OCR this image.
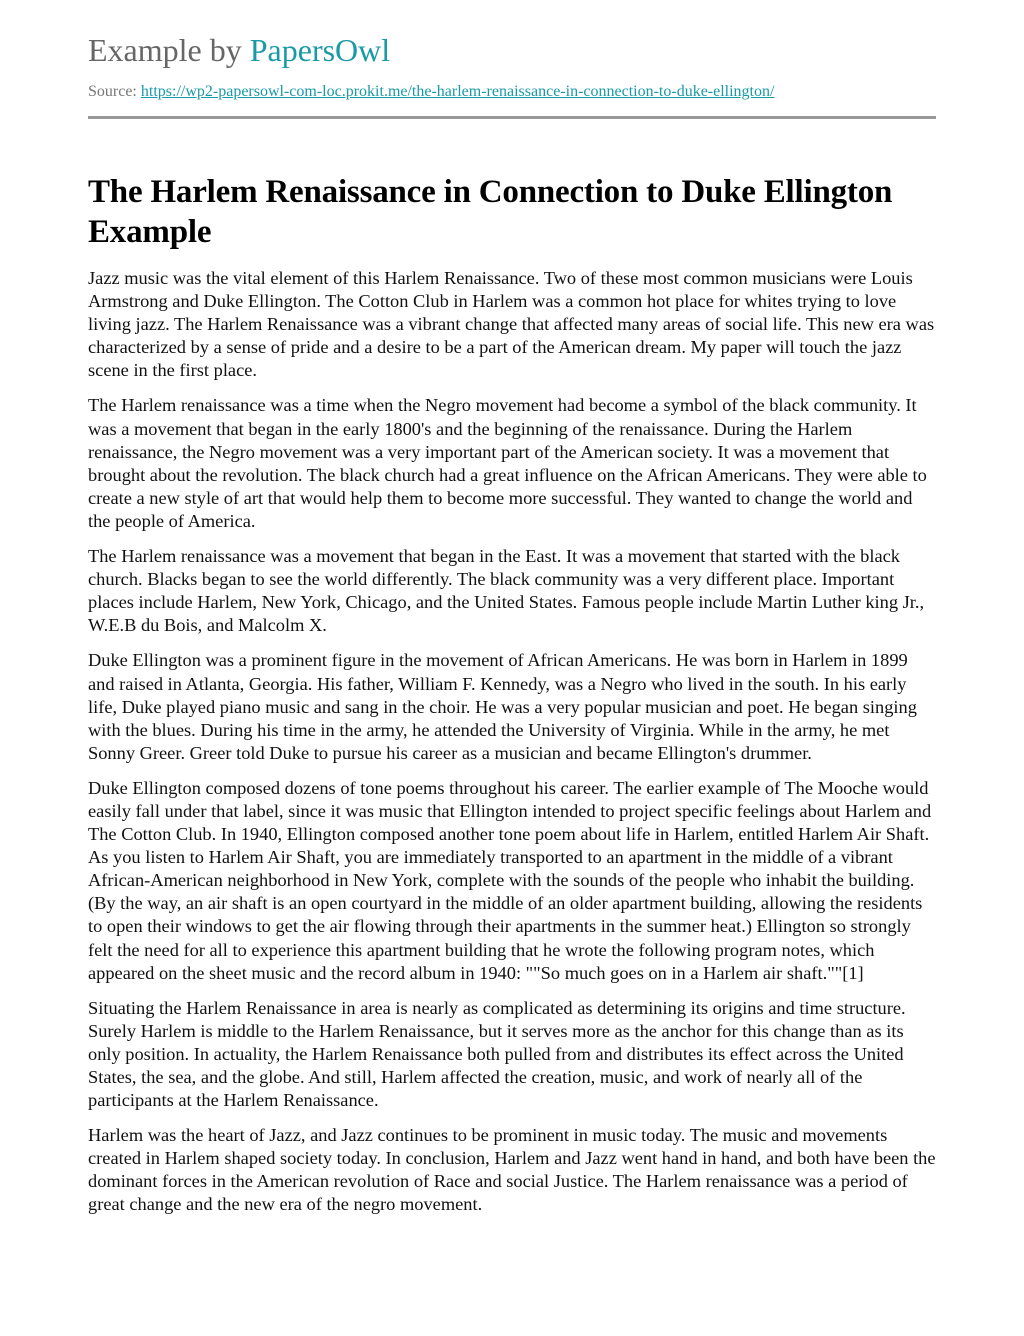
Example by PapersOwl
Source: https://wp2-papersowl-com-loc.prokit.me/the-harlem-renaissance-in-connection-to-duke-ellington/
The Harlem Renaissance in Connection to Duke Ellington Example

Jazz music was the vital element of this Harlem Renaissance. Two of these most common musicians were Louis Armstrong and Duke Ellington. The Cotton Club in Harlem was a common hot place for whites trying to love living jazz. The Harlem Renaissance was a vibrant change that affected many areas of social life. This new era was characterized by a sense of pride and a desire to be a part of the American dream. My paper will touch the jazz scene in the first place.

The Harlem renaissance was a time when the Negro movement had become a symbol of the black community. It was a movement that began in the early 1800's and the beginning of the renaissance. During the Harlem renaissance, the Negro movement was a very important part of the American society. It was a movement that brought about the revolution. The black church had a great influence on the African Americans. They were able to create a new style of art that would help them to become more successful. They wanted to change the world and the people of America.

The Harlem renaissance was a movement that began in the East. It was a movement that started with the black church. Blacks began to see the world differently. The black community was a very different place. Important places include Harlem, New York, Chicago, and the United States. Famous people include Martin Luther king Jr., W.E.B du Bois, and Malcolm X.

Duke Ellington was a prominent figure in the movement of African Americans. He was born in Harlem in 1899 and raised in Atlanta, Georgia. His father, William F. Kennedy, was a Negro who lived in the south. In his early life, Duke played piano music and sang in the choir. He was a very popular musician and poet. He began singing with the blues. During his time in the army, he attended the University of Virginia. While in the army, he met Sonny Greer. Greer told Duke to pursue his career as a musician and became Ellington's drummer.

Duke Ellington composed dozens of tone poems throughout his career. The earlier example of The Mooche would easily fall under that label, since it was music that Ellington intended to project specific feelings about Harlem and The Cotton Club. In 1940, Ellington composed another tone poem about life in Harlem, entitled Harlem Air Shaft. As you listen to Harlem Air Shaft, you are immediately transported to an apartment in the middle of a vibrant African-American neighborhood in New York, complete with the sounds of the people who inhabit the building. (By the way, an air shaft is an open courtyard in the middle of an older apartment building, allowing the residents to open their windows to get the air flowing through their apartments in the summer heat.) Ellington so strongly felt the need for all to experience this apartment building that he wrote the following program notes, which appeared on the sheet music and the record album in 1940: ""So much goes on in a Harlem air shaft.""[1]

Situating the Harlem Renaissance in area is nearly as complicated as determining its origins and time structure. Surely Harlem is middle to the Harlem Renaissance, but it serves more as the anchor for this change than as its only position. In actuality, the Harlem Renaissance both pulled from and distributes its effect across the United States, the sea, and the globe. And still, Harlem affected the creation, music, and work of nearly all of the participants at the Harlem Renaissance.

Harlem was the heart of Jazz, and Jazz continues to be prominent in music today. The music and movements created in Harlem shaped society today. In conclusion, Harlem and Jazz went hand in hand, and both have been the dominant forces in the American revolution of Race and social Justice. The Harlem renaissance was a period of great change and the new era of the negro movement.
